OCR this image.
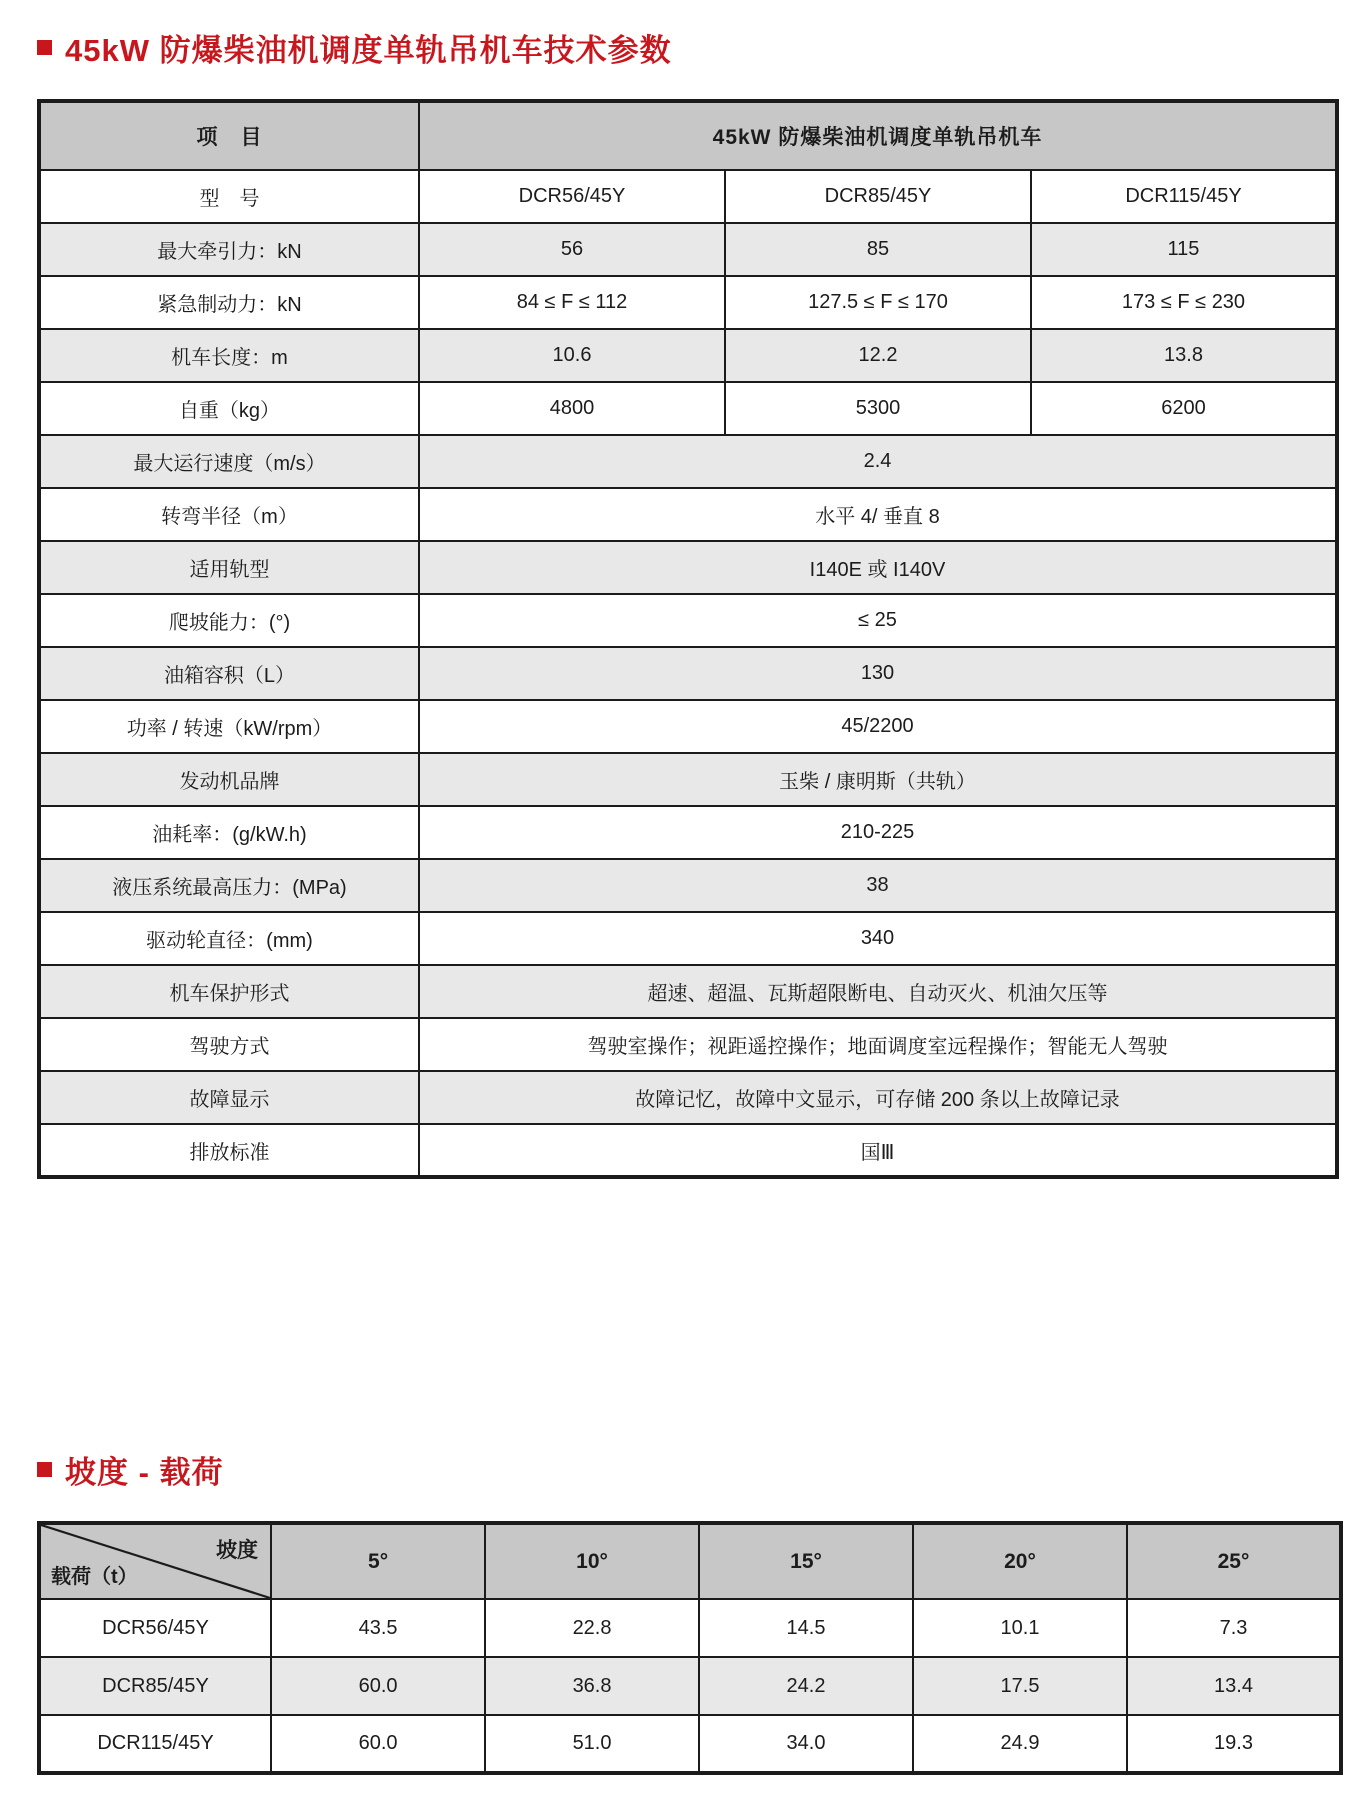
45kW 防爆柴油机调度单轨吊机车技术参数
项　目	45kW 防爆柴油机调度单轨吊机车		
型　号	DCR56/45Y	DCR85/45Y	DCR115/45Y
最大牵引力：kN	56	85	115
紧急制动力：kN	84 ≤ F ≤ 112	127.5 ≤ F ≤ 170	173 ≤ F ≤ 230
机车长度：m	10.6	12.2	13.8
自重（kg）	4800	5300	6200
最大运行速度（m/s）	2.4		
转弯半径（m）	水平 4/ 垂直 8		
适用轨型	I140E 或 I140V		
爬坡能力：(°)	≤ 25		
油箱容积（L）	130		
功率 / 转速（kW/rpm）	45/2200		
发动机品牌	玉柴 / 康明斯（共轨）		
油耗率：(g/kW.h)	210-225		
液压系统最高压力：(MPa)	38		
驱动轮直径：(mm)	340		
机车保护形式	超速、超温、瓦斯超限断电、自动灭火、机油欠压等		
驾驶方式	驾驶室操作；视距遥控操作；地面调度室远程操作；智能无人驾驶		
故障显示	故障记忆，故障中文显示，可存储 200 条以上故障记录		
排放标准	国Ⅲ		
坡度 - 载荷
坡度
载荷（t）	5°	10°	15°	20°	25°
DCR56/45Y	43.5	22.8	14.5	10.1	7.3
DCR85/45Y	60.0	36.8	24.2	17.5	13.4
DCR115/45Y	60.0	51.0	34.0	24.9	19.3
